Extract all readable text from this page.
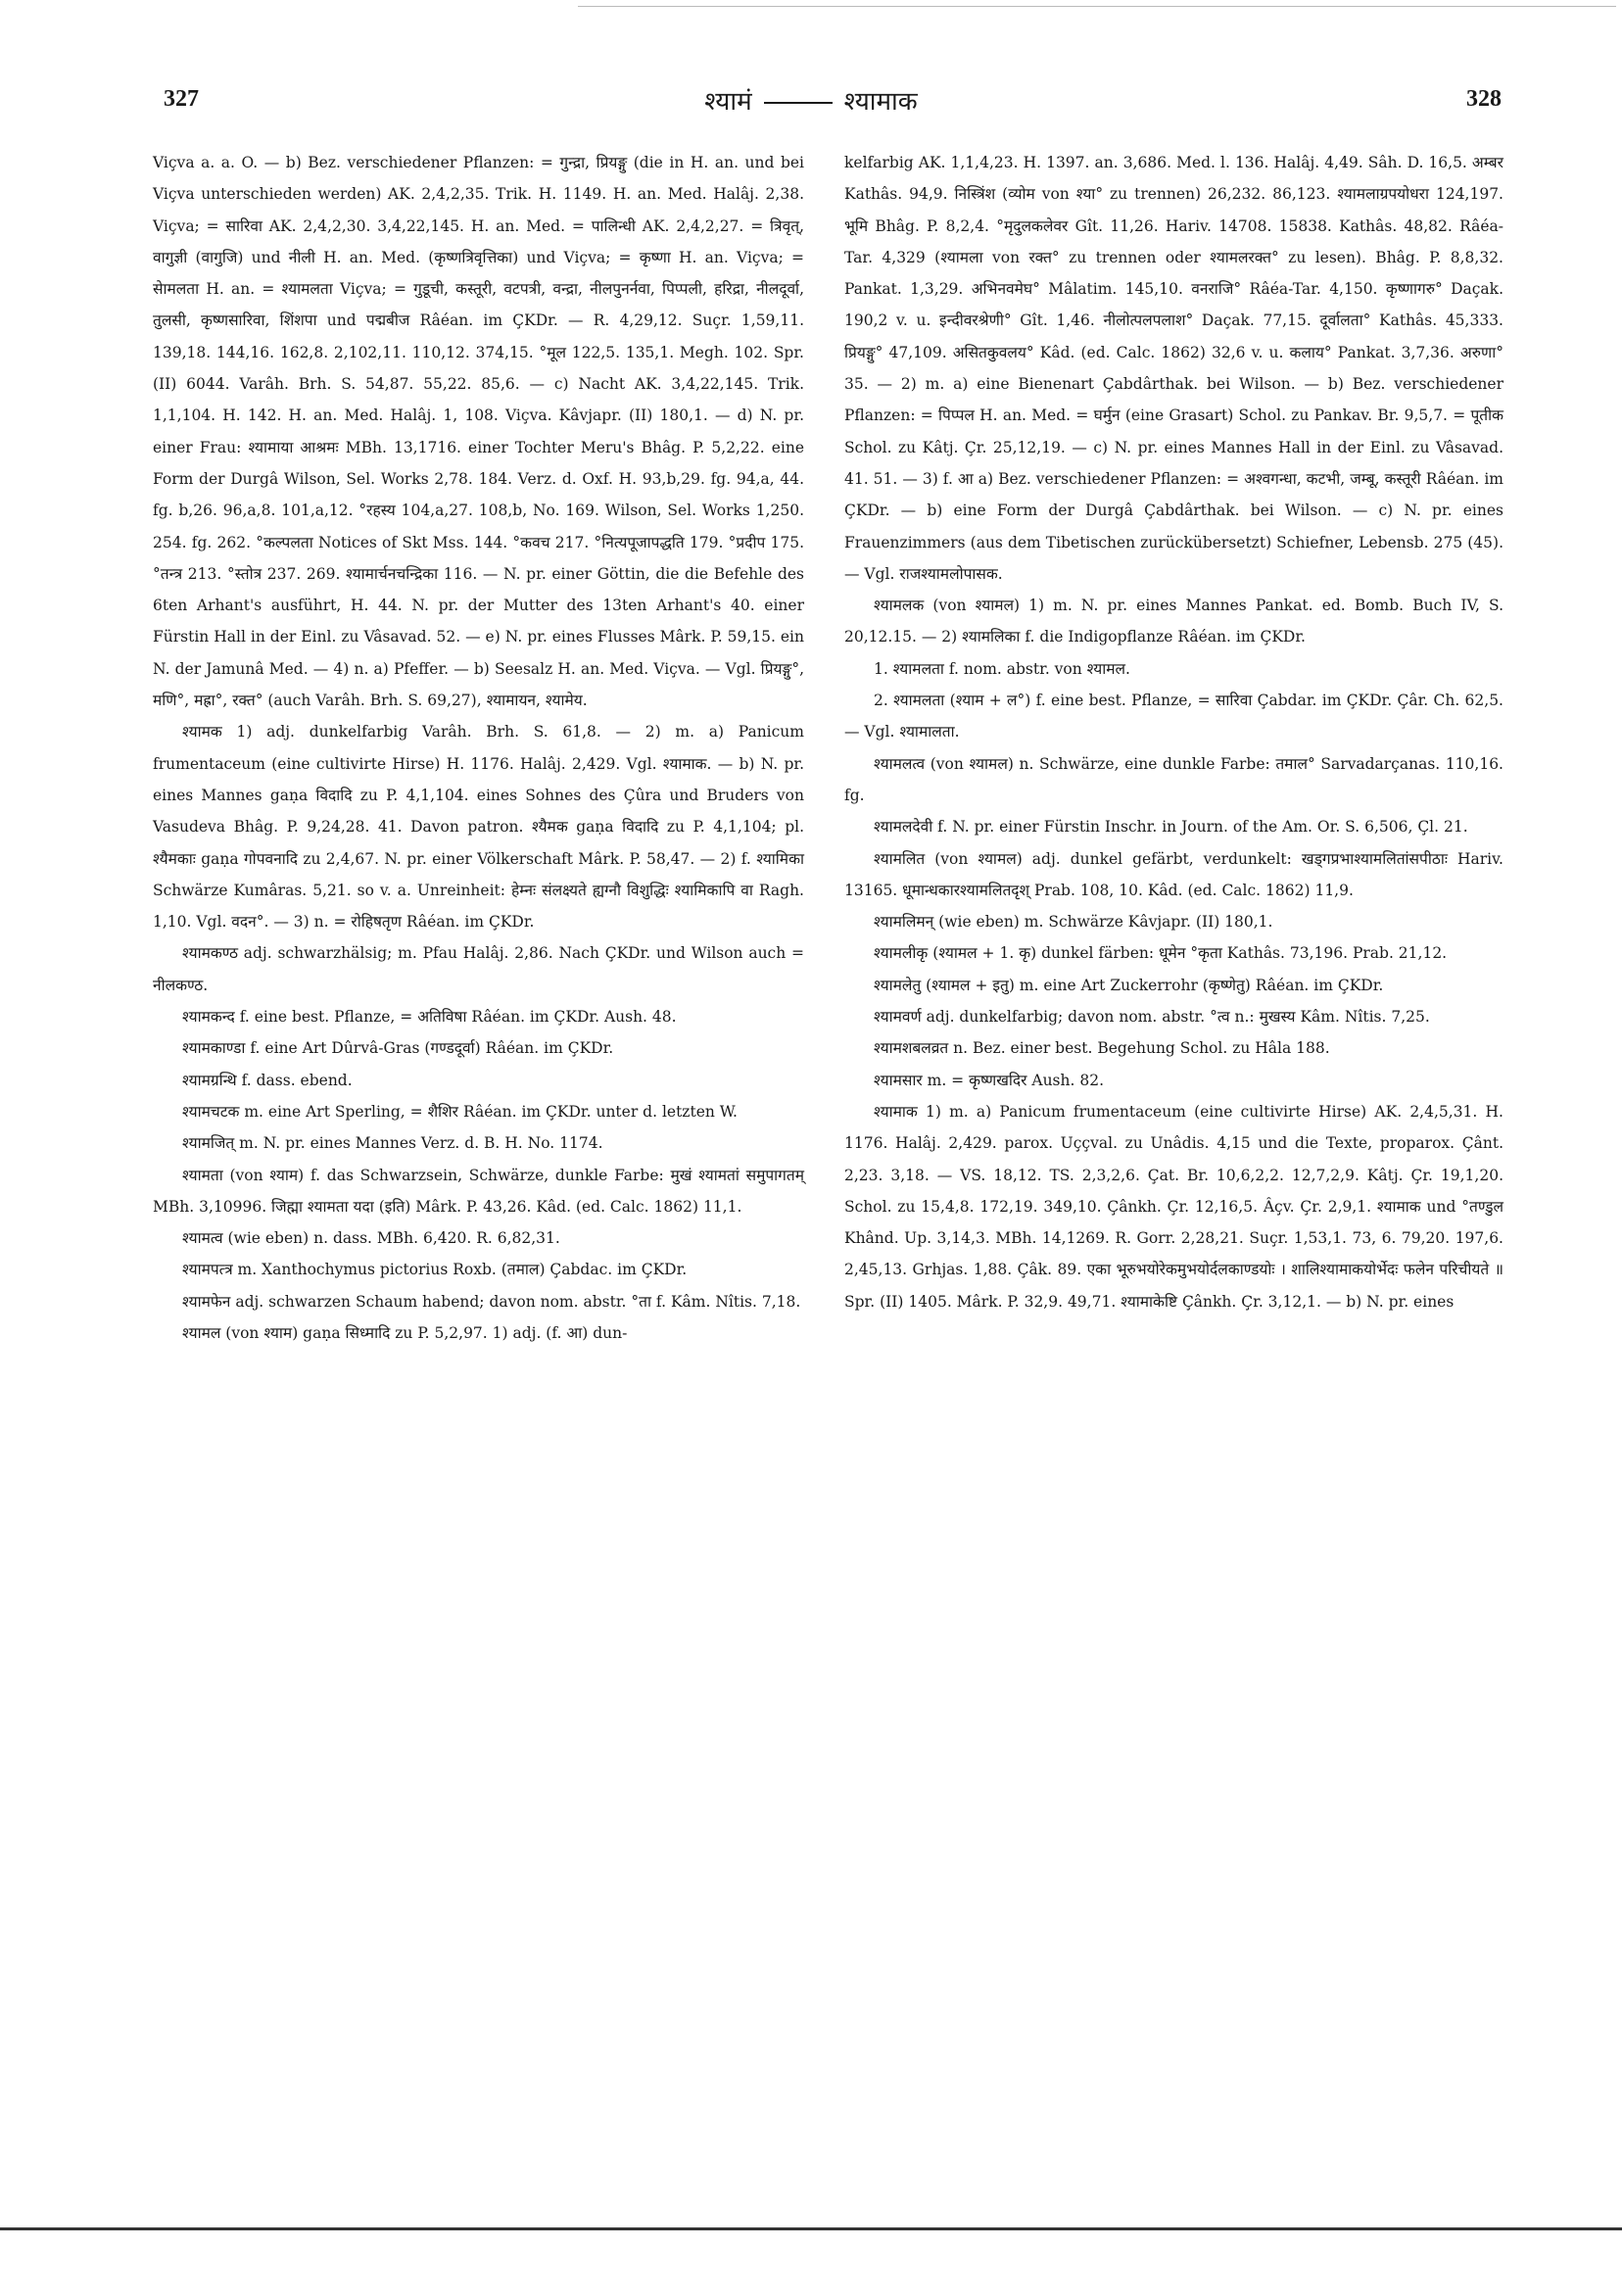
327	श्यामं	श्यामाक	328

Viçva a. a. O. — b) Bez. verschiedener Pflanzen: = गुन्द्रा, प्रियङ्गु (die in H. an. und bei Viçva unterschieden werden) AK. 2,4,2,35. Trik. H. 1149. H. an. Med. Halâj. 2,38. Viçva; = सारिवा AK. 2,4,2,30. 3,4,22,145. H. an. Med. = पालिन्धी AK. 2,4,2,27. = त्रिवृत्, वागुज्ञी (वागुजि) und नीली H. an. Med. (कृष्णत्रिवृत्तिका) und Viçva; = कृष्णा H. an. Viçva; = सेामलता H. an. = श्यामलता Viçva; = गुडूची, कस्तूरी, वटपत्री, वन्द्रा, नीलपुनर्नवा, पिप्पली, हरिद्रा, नीलदूर्वा, तुलसी, कृष्णसारिवा, शिंशपा und पद्मबीज Râéan. im ÇKDr. — R. 4,29,12. Suçr. 1,59,11. 139,18. 144,16. 162,8. 2,102,11. 110,12. 374,15. °मूल 122,5. 135,1. Megh. 102. Spr. (II) 6044. Varâh. Brh. S. 54,87. 55,22. 85,6. — c) Nacht AK. 3,4,22,145. Trik. 1,1,104. H. 142. H. an. Med. Halâj. 1, 108. Viçva. Kâvjapr. (II) 180,1. — d) N. pr. einer Frau: श्यामाया आश्रमः MBh. 13,1716. einer Tochter Meru's Bhâg. P. 5,2,22. eine Form der Durgâ Wilson, Sel. Works 2,78. 184. Verz. d. Oxf. H. 93,b,29. fg. 94,a, 44. fg. b,26. 96,a,8. 101,a,12. °रहस्य 104,a,27. 108,b, No. 169. Wilson, Sel. Works 1,250. 254. fg. 262. °कल्पलता Notices of Skt Mss. 144. °कवच 217. °नित्यपूजापद्धति 179. °प्रदीप 175. °तन्त्र 213. °स्तोत्र 237. 269. श्यामार्चनचन्द्रिका 116. — N. pr. einer Göttin, die die Befehle des 6ten Arhant's ausführt, H. 44. N. pr. der Mutter des 13ten Arhant's 40. einer Fürstin Hall in der Einl. zu Vâsavad. 52. — e) N. pr. eines Flusses Mârk. P. 59,15. ein N. der Jamunâ Med. — 4) n. a) Pfeffer. — b) Seesalz H. an. Med. Viçva. — Vgl. प्रियङ्गु°, मणि°, मह्रा°, रक्त° (auch Varâh. Brh. S. 69,27), श्यामायन, श्यामेय.

श्यामक 1) adj. dunkelfarbig Varâh. Brh. S. 61,8. — 2) m. a) Panicum frumentaceum (eine cultivirte Hirse) H. 1176. Halâj. 2,429. Vgl. श्यामाक. — b) N. pr. eines Mannes gaṇa विदादि zu P. 4,1,104. eines Sohnes des Çûra und Bruders von Vasudeva Bhâg. P. 9,24,28. 41. Davon patron. श्यैमक gaṇa विदादि zu P. 4,1,104; pl. श्यैमकाः gaṇa गोपवनादि zu 2,4,67. N. pr. einer Völkerschaft Mârk. P. 58,47. — 2) f. श्यामिका Schwärze Kumâras. 5,21. so v. a. Unreinheit: हेम्नः संलक्ष्यते ह्यग्नौ विशुद्धिः श्यामिकापि वा Ragh. 1,10. Vgl. वदन°. — 3) n. = रोहिषतृण Râéan. im ÇKDr.

श्यामकण्ठ adj. schwarzhälsig; m. Pfau Halâj. 2,86. Nach ÇKDr. und Wilson auch = नीलकण्ठ.

श्यामकन्द f. eine best. Pflanze, = अतिविषा Râéan. im ÇKDr. Aush. 48.

श्यामकाण्डा f. eine Art Dûrvâ-Gras (गण्डदूर्वा) Râéan. im ÇKDr.

श्यामग्रन्थि f. dass. ebend.

श्यामचटक m. eine Art Sperling, = शैशिर Râéan. im ÇKDr. unter d. letzten W.

श्यामजित् m. N. pr. eines Mannes Verz. d. B. H. No. 1174.

श्यामता (von श्याम) f. das Schwarzsein, Schwärze, dunkle Farbe: मुखं श्यामतां समुपागतम् MBh. 3,10996. जिह्मा श्यामता यदा (इति) Mârk. P. 43,26. Kâd. (ed. Calc. 1862) 11,1.

श्यामत्व (wie eben) n. dass. MBh. 6,420. R. 6,82,31.

श्यामपत्त्र m. Xanthochymus pictorius Roxb. (तमाल) Çabdac. im ÇKDr.

श्यामफेन adj. schwarzen Schaum habend; davon nom. abstr. °ता f. Kâm. Nîtis. 7,18.

श्यामल (von श्याम) gaṇa सिध्मादि zu P. 5,2,97. 1) adj. (f. आ) dun-

kelfarbig AK. 1,1,4,23. H. 1397. an. 3,686. Med. l. 136. Halâj. 4,49. Sâh. D. 16,5. अम्बर Kathâs. 94,9. निस्त्रिंश (व्योम von श्या° zu trennen) 26,232. 86,123. श्यामलाग्रपयोधरा 124,197. भूमि Bhâg. P. 8,2,4. °मृदुलकलेवर Gît. 11,26. Hariv. 14708. 15838. Kathâs. 48,82. Râéa-Tar. 4,329 (श्यामला von रक्त° zu trennen oder श्यामलरक्त° zu lesen). Bhâg. P. 8,8,32. Pankat. 1,3,29. अभिनवमेघ° Mâlatim. 145,10. वनराजि° Râéa-Tar. 4,150. कृष्णागरु° Daçak. 190,2 v. u. इन्दीवरश्रेणी° Gît. 1,46. नीलोत्पलपलाश° Daçak. 77,15. दूर्वालता° Kathâs. 45,333. प्रियङ्गु° 47,109. असितकुवलय° Kâd. (ed. Calc. 1862) 32,6 v. u. कलाय° Pankat. 3,7,36. अरुणा° 35. — 2) m. a) eine Bienenart Çabdârthak. bei Wilson. — b) Bez. verschiedener Pflanzen: = पिप्पल H. an. Med. = घर्मुन (eine Grasart) Schol. zu Pankav. Br. 9,5,7. = पूतीक Schol. zu Kâtj. Çr. 25,12,19. — c) N. pr. eines Mannes Hall in der Einl. zu Vâsavad. 41. 51. — 3) f. आ a) Bez. verschiedener Pflanzen: = अश्वगन्धा, कटभी, जम्बू, कस्तूरी Râéan. im ÇKDr. — b) eine Form der Durgâ Çabdârthak. bei Wilson. — c) N. pr. eines Frauenzimmers (aus dem Tibetischen zurückübersetzt) Schiefner, Lebensb. 275 (45). — Vgl. राजश्यामलोपासक.

श्यामलक (von श्यामल) 1) m. N. pr. eines Mannes Pankat. ed. Bomb. Buch IV, S. 20,12.15. — 2) श्यामलिका f. die Indigopflanze Râéan. im ÇKDr.

1. श्यामलता f. nom. abstr. von श्यामल.

2. श्यामलता (श्याम + ल°) f. eine best. Pflanze, = सारिवा Çabdar. im ÇKDr. Çâr. Ch. 62,5. — Vgl. श्यामालता.

श्यामलत्व (von श्यामल) n. Schwärze, eine dunkle Farbe: तमाल° Sarvadarçanas. 110,16. fg.

श्यामलदेवी f. N. pr. einer Fürstin Inschr. in Journ. of the Am. Or. S. 6,506, Çl. 21.

श्यामलित (von श्यामल) adj. dunkel gefärbt, verdunkelt: खड्गप्रभाश्यामलितांसपीठाः Hariv. 13165. धूमान्धकारश्यामलितदृश् Prab. 108, 10. Kâd. (ed. Calc. 1862) 11,9.

श्यामलिमन् (wie eben) m. Schwärze Kâvjapr. (II) 180,1.

श्यामलीकृ (श्यामल + 1. कृ) dunkel färben: धूमेन °कृता Kathâs. 73,196. Prab. 21,12.

श्यामलेतु (श्यामल + इतु) m. eine Art Zuckerrohr (कृष्णेतु) Râéan. im ÇKDr.

श्यामवर्ण adj. dunkelfarbig; davon nom. abstr. °त्व n.: मुखस्य Kâm. Nîtis. 7,25.

श्यामशबलव्रत n. Bez. einer best. Begehung Schol. zu Hâla 188.

श्यामसार m. = कृष्णखदिर Aush. 82.

श्यामाक 1) m. a) Panicum frumentaceum (eine cultivirte Hirse) AK. 2,4,5,31. H. 1176. Halâj. 2,429. parox. Uççval. zu Unâdis. 4,15 und die Texte, proparox. Çânt. 2,23. 3,18. — VS. 18,12. TS. 2,3,2,6. Çat. Br. 10,6,2,2. 12,7,2,9. Kâtj. Çr. 19,1,20. Schol. zu 15,4,8. 172,19. 349,10. Çânkh. Çr. 12,16,5. Âçv. Çr. 2,9,1. श्यामाक und °तण्डुल Khând. Up. 3,14,3. MBh. 14,1269. R. Gorr. 2,28,21. Suçr. 1,53,1. 73, 6. 79,20. 197,6. 2,45,13. Grhjas. 1,88. Çâk. 89. एका भूरुभयोरेकमुभयोर्दलकाण्डयोः । शालिश्यामाकयोर्भेदः फलेन परिचीयते ॥ Spr. (II) 1405. Mârk. P. 32,9. 49,71. श्यामाकेष्टि Çânkh. Çr. 3,12,1. — b) N. pr. eines
